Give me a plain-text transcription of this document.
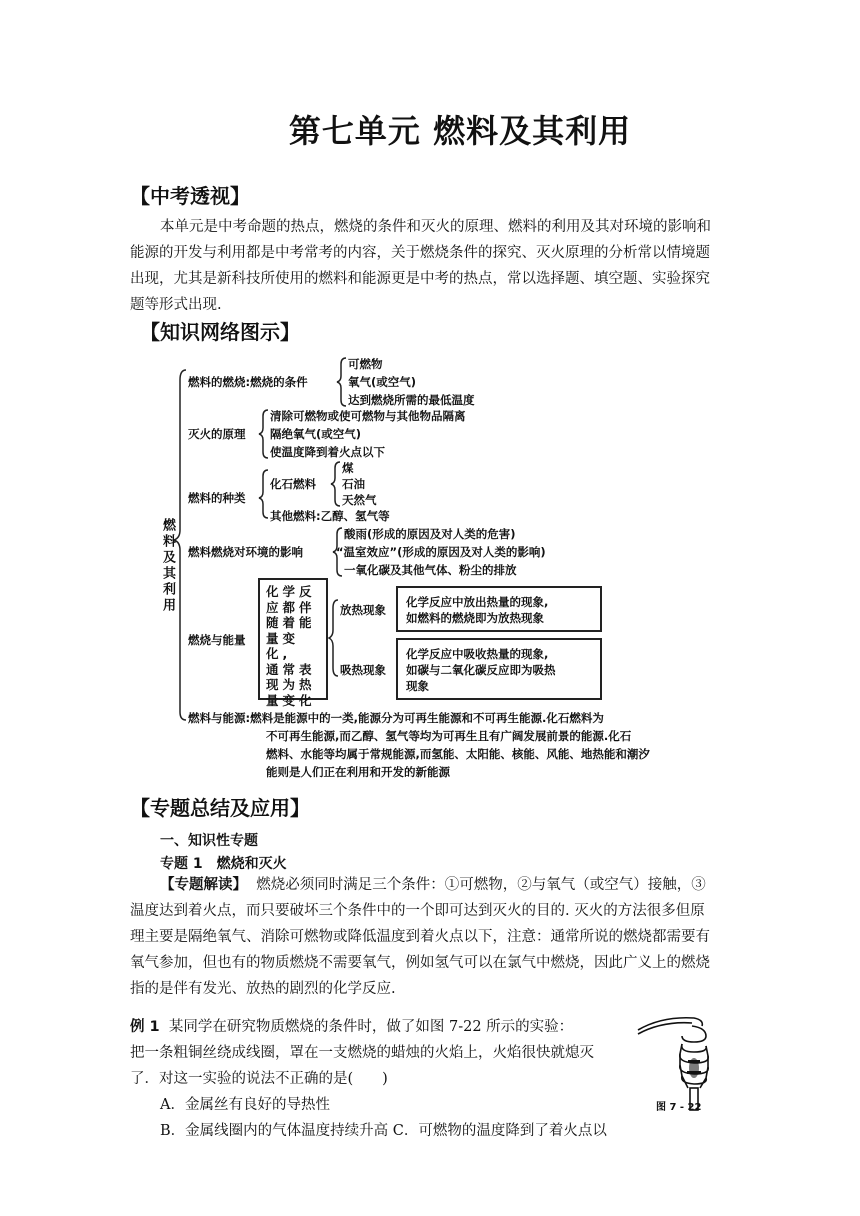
第七单元 燃料及其利用
【中考透视】
本单元是中考命题的热点，燃烧的条件和灭火的原理、燃料的利用及其对环境的影响和
能源的开发与利用都是中考常考的内容，关于燃烧条件的探究、灭火原理的分析常以情境题
出现，尤其是新科技所使用的燃料和能源更是中考的热点，常以选择题、填空题、实验探究
题等形式出现.
【知识网络图示】
燃料及其利用
燃料的燃烧:燃烧的条件
可燃物
氧气(或空气)
达到燃烧所需的最低温度
灭火的原理
清除可燃物或使可燃物与其他物品隔离
隔绝氧气(或空气)
使温度降到着火点以下
燃料的种类
化石燃料
煤
石油
天然气
其他燃料:乙醇、氢气等
燃料燃烧对环境的影响
酸雨(形成的原因及对人类的危害)
“温室效应”(形成的原因及对人类的影响)
一氧化碳及其他气体、粉尘的排放
燃烧与能量
化学反
应都伴
随着能
量变化,
通常表
现为热
量变化
放热现象
吸热现象
化学反应中放出热量的现象,
如燃料的燃烧即为放热现象
化学反应中吸收热量的现象,
如碳与二氧化碳反应即为吸热
现象
燃料与能源:燃料是能源中的一类,能源分为可再生能源和不可再生能源.化石燃料为
不可再生能源,而乙醇、氢气等均为可再生且有广阔发展前景的能源.化石
燃料、水能等均属于常规能源,而氢能、太阳能、核能、风能、地热能和潮汐
能则是人们正在利用和开发的新能源
【专题总结及应用】
一、知识性专题
专题 1　燃烧和灭火
【专题解读】 燃烧必须同时满足三个条件：①可燃物，②与氧气（或空气）接触，③
温度达到着火点，而只要破坏三个条件中的一个即可达到灭火的目的. 灭火的方法很多但原
理主要是隔绝氧气、消除可燃物或降低温度到着火点以下，注意：通常所说的燃烧都需要有
氧气参加，但也有的物质燃烧不需要氧气，例如氢气可以在氯气中燃烧，因此广义上的燃烧
指的是伴有发光、放热的剧烈的化学反应.
例 1 某同学在研究物质燃烧的条件时，做了如图 7-22 所示的实验：
把一条粗铜丝绕成线圈，罩在一支燃烧的蜡烛的火焰上，火焰很快就熄灭
了．对这一实验的说法不正确的是(　　)
A．金属丝有良好的导热性
B．金属线圈内的气体温度持续升高 C．可燃物的温度降到了着火点以
图 7 - 22
